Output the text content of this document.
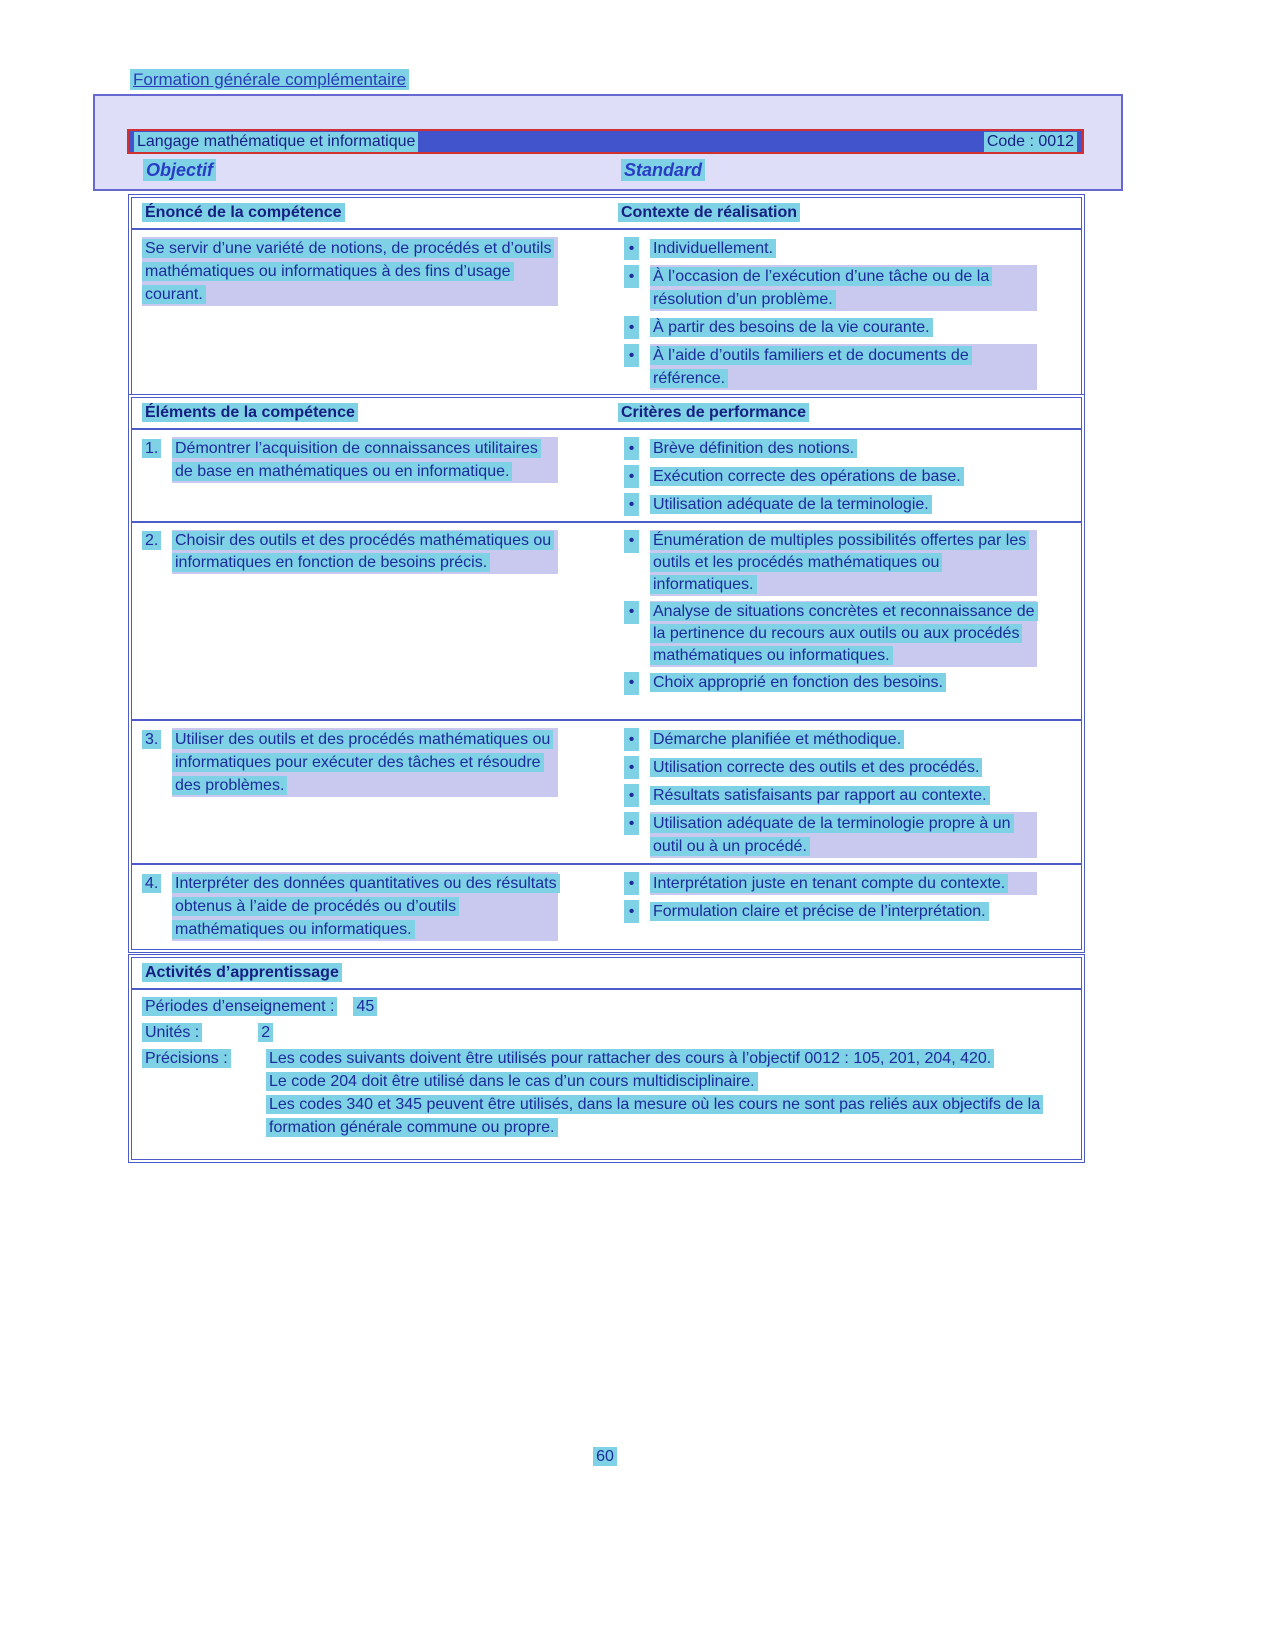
Formation générale complémentaire
Langage mathématique et informatique	Code : 0012
Objectif	Standard
Énoncé de la compétence	Contexte de réalisation

Se servir d’une variété de notions, de procédés et d’outils mathématiques ou informatiques à des fins d’usage courant.

• Individuellement.
• À l’occasion de l’exécution d’une tâche ou de la résolution d’un problème.
• À partir des besoins de la vie courante.
• À l’aide d’outils familiers et de documents de référence.
Éléments de la compétence	Critères de performance
1.	Démontrer l’acquisition de connaissances utilitaires de base en mathématiques ou en informatique.
• Brève définition des notions.
• Exécution correcte des opérations de base.
• Utilisation adéquate de la terminologie.
2.	Choisir des outils et des procédés mathématiques ou informatiques en fonction de besoins précis.
• Énumération de multiples possibilités offertes par les outils et les procédés mathématiques ou informatiques.
• Analyse de situations concrètes et reconnaissance de la pertinence du recours aux outils ou aux procédés mathématiques ou informatiques.
• Choix approprié en fonction des besoins.
3.	Utiliser des outils et des procédés mathématiques ou informatiques pour exécuter des tâches et résoudre des problèmes.
• Démarche planifiée et méthodique.
• Utilisation correcte des outils et des procédés.
• Résultats satisfaisants par rapport au contexte.
• Utilisation adéquate de la terminologie propre à un outil ou à un procédé.
4.	Interpréter des données quantitatives ou des résultats obtenus à l’aide de procédés ou d’outils mathématiques ou informatiques.
• Interprétation juste en tenant compte du contexte.
• Formulation claire et précise de l’interprétation.
Activités d’apprentissage
Périodes d’enseignement : 45
Unités :	2
Précisions :	Les codes suivants doivent être utilisés pour rattacher des cours à l’objectif 0012 : 105, 201, 204, 420.

Le code 204 doit être utilisé dans le cas d’un cours multidisciplinaire.

Les codes 340 et 345 peuvent être utilisés, dans la mesure où les cours ne sont pas reliés aux objectifs de la formation générale commune ou propre.

60
